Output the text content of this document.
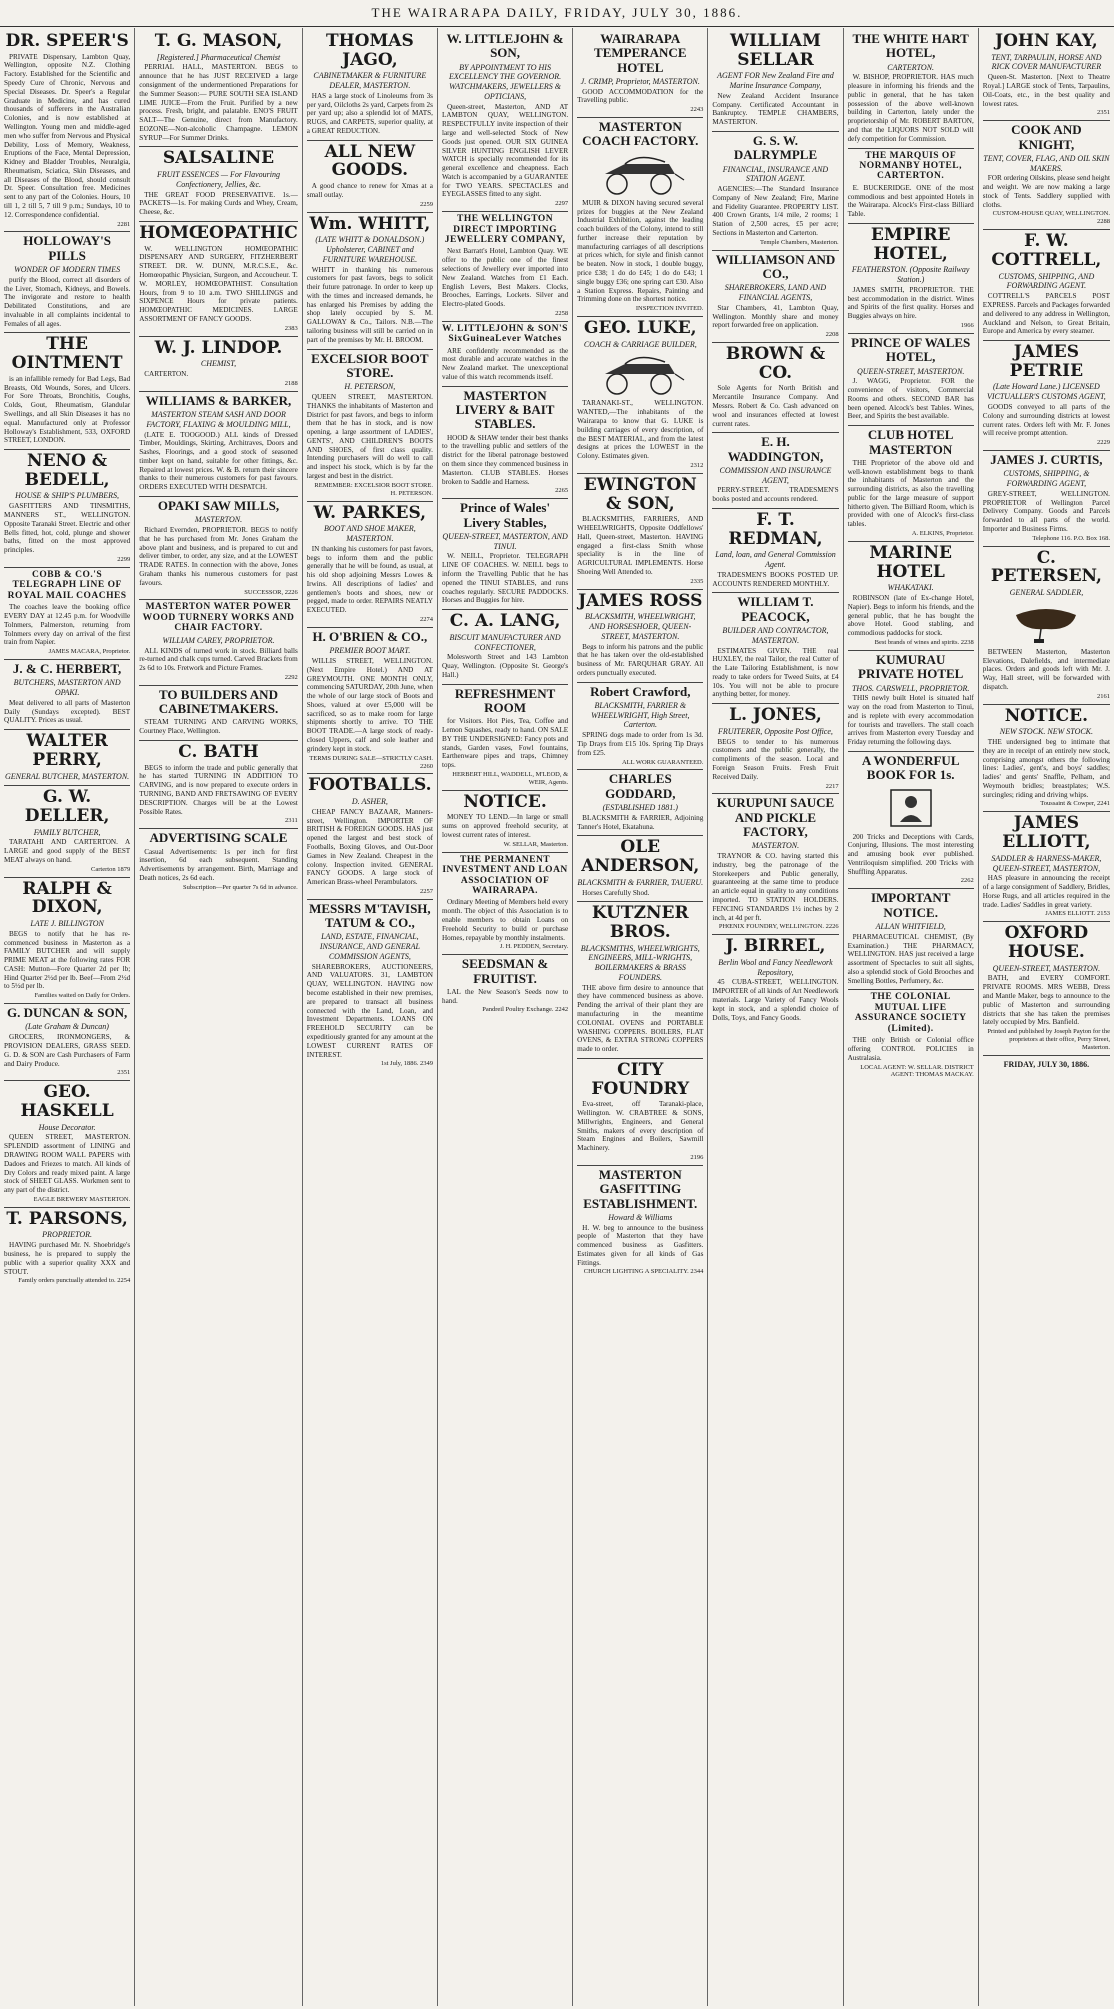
THE WAIRARAPA DAILY, FRIDAY, JULY 30, 1886.
DR. SPEER'S
PRIVATE Dispensary, Lambton Quay, Wellington, opposite N.Z. Clothing Factory. Established for the Scientific and Speedy Cure of Chronic, Nervous and Special Diseases. Dr. Speer's a Regular Graduate in Medicine, and has cured thousands of sufferers in the Australian Colonies, and is now established at Wellington. Young men and middle-aged men who suffer from Nervous and Physical Debility, Loss of Memory, Weakness, Eruptions of the Face, Mental Depression, Kidney and Bladder Troubles, Neuralgia, Rheumatism, Sciatica, Skin Diseases, and all Diseases of the Blood, should consult Dr. Speer. Consultation free. Medicines sent to any part of the Colonies. Hours, 10 till 1, 2 till 5, 7 till 9 p.m.; Sundays, 10 to 12. Correspondence confidential.
2281
HOLLOWAY'S PILLS
WONDER OF MODERN TIMES
purify the Blood, correct all disorders of the Liver, Stomach, Kidneys, and Bowels. The invigorate and restore to health Debilitated Constitutions, and are invaluable in all complaints incidental to Females of all ages.
THE OINTMENT
is an infallible remedy for Bad Legs, Bad Breasts, Old Wounds, Sores, and Ulcers. For Sore Throats, Bronchitis, Coughs, Colds, Gout, Rheumatism, Glandular Swellings, and all Skin Diseases it has no equal. Manufactured only at Professor Holloway's Establishment, 533, OXFORD STREET, LONDON.
NENO & BEDELL,
HOUSE & SHIP'S PLUMBERS,
GASFITTERS AND TINSMITHS, MANNERS ST., WELLINGTON. Opposite Taranaki Street. Electric and other Bells fitted, hot, cold, plunge and shower baths, fitted on the most approved principles.
2299
COBB & CO.'S TELEGRAPH LINE OF ROYAL MAIL COACHES
The coaches leave the booking office EVERY DAY at 12.45 p.m. for Woodville Tolnmers, Palmerston, returning from Tolnmers every day on arrival of the first train from Napier.
JAMES MACARA, Proprietor.
J. & C. HERBERT,
BUTCHERS, MASTERTON AND OPAKI.
Meat delivered to all parts of Masterton Daily (Sundays excepted). BEST QUALITY. Prices as usual.
WALTER PERRY,
GENERAL BUTCHER, MASTERTON.
G. W. DELLER,
FAMILY BUTCHER,
TARATAHI AND CARTERTON. A LARGE and good supply of the BEST MEAT always on hand.
Carterton 1879
RALPH & DIXON,
LATE J. BILLINGTON
BEGS to notify that he has re-commenced business in Masterton as a FAMILY BUTCHER and will supply PRIME MEAT at the following rates FOR CASH: Mutton—Fore Quarter 2d per lb; Hind Quarter 2½d per lb. Beef—From 2½d to 5½d per lb.
Families waited on Daily for Orders.
G. DUNCAN & SON,
(Late Graham & Duncan)
GROCERS, IRONMONGERS, & PROVISION DEALERS, GRASS SEED. G. D. & SON are Cash Purchasers of Farm and Dairy Produce.
2351
GEO. HASKELL
House Decorator.
QUEEN STREET, MASTERTON. SPLENDID assortment of LINING and DRAWING ROOM WALL PAPERS with Dadoes and Friezes to match. All kinds of Dry Colors and ready mixed paint. A large stock of SHEET GLASS. Workmen sent to any part of the district.
EAGLE BREWERY MASTERTON.
T. PARSONS,
PROPRIETOR.
HAVING purchased Mr. N. Shoebridge's business, he is prepared to supply the public with a superior quality XXX and STOUT.
Family orders punctually attended to. 2254
T. G. MASON,
[Registered.] Pharmaceutical Chemist
PERRIAL HALL, MASTERTON. BEGS to announce that he has JUST RECEIVED a large consignment of the undermentioned Preparations for the Summer Season:— PURE SOUTH SEA ISLAND LIME JUICE—From the Fruit. Purified by a new process. Fresh, bright, and palatable. ENO'S FRUIT SALT—The Genuine, direct from Manufactory. EOZONE—Non-alcoholic Champagne. LEMON SYRUP—For Summer Drinks.
SALSALINE
FRUIT ESSENCES — For Flavouring Confectionery, Jellies, &c.
THE GREAT FOOD PRESERVATIVE. 1s.—PACKETS—1s. For making Curds and Whey, Cream, Cheese, &c.
HOMŒOPATHIC
W. WELLINGTON HOMŒOPATHIC DISPENSARY AND SURGERY, FITZHERBERT STREET. DR. W. DUNN, M.R.C.S.E., &c. Homœopathic Physician, Surgeon, and Accoucheur. T. W. MORLEY, HOMŒOPATHIST. Consultation Hours, from 9 to 10 a.m. TWO SHILLINGS and SIXPENCE Hours for private patients. HOMŒOPATHIC MEDICINES. LARGE ASSORTMENT OF FANCY GOODS.
2383
W. J. LINDOP.
CHEMIST,
CARTERTON.
2188
WILLIAMS & BARKER,
MASTERTON STEAM SASH AND DOOR FACTORY, FLAXING & MOULDING MILL,
(LATE E. TOOGOOD.) ALL kinds of Dressed Timber, Mouldings, Skirting, Architraves, Doors and Sashes, Floorings, and a good stock of seasoned timber kept on hand, suitable for other fittings, &c. Repaired at lowest prices. W. & B. return their sincere thanks to their numerous customers for past favours. ORDERS EXECUTED WITH DESPATCH.
OPAKI SAW MILLS,
MASTERTON.
Richard Evernden, PROPRIETOR. BEGS to notify that he has purchased from Mr. Jones Graham the above plant and business, and is prepared to cut and deliver timber, to order, any size, and at the LOWEST TRADE RATES. In connection with the above, Jones Graham thanks his numerous customers for past favours.
SUCCESSOR, 2226
MASTERTON WATER POWER WOOD TURNERY WORKS AND CHAIR FACTORY.
WILLIAM CAREY, PROPRIETOR.
ALL KINDS of turned work in stock. Billiard balls re-turned and chalk cups turned. Carved Brackets from 2s 6d to 10s. Fretwork and Picture Frames.
2292
TO BUILDERS AND CABINETMAKERS.
STEAM TURNING AND CARVING WORKS, Courtney Place, Wellington.
C. BATH
BEGS to inform the trade and public generally that he has started TURNING IN ADDITION TO CARVING, and is now prepared to execute orders in TURNING, BAND AND FRETSAWING OF EVERY DESCRIPTION. Charges will be at the Lowest Possible Rates.
2311
ADVERTISING SCALE
Casual Advertisements: 1s per inch for first insertion, 6d each subsequent. Standing Advertisements by arrangement. Birth, Marriage and Death notices, 2s 6d each.
Subscription—Per quarter 7s 6d in advance.
THOMAS JAGO,
CABINETMAKER & FURNITURE DEALER, MASTERTON.
HAS a large stock of Linoleums from 3s per yard, Oilcloths 2s yard, Carpets from 2s per yard up; also a splendid lot of MATS, RUGS, and CARPETS, superior quality, at a GREAT REDUCTION.
ALL NEW GOODS.
A good chance to renew for Xmas at a small outlay.
2259
Wm. WHITT,
(LATE WHITT & DONALDSON.) Upholsterer, CABINET and FURNITURE WAREHOUSE.
WHITT in thanking his numerous customers for past favors, begs to solicit their future patronage. In order to keep up with the times and increased demands, he has enlarged his Premises by adding the shop lately occupied by S. M. GALLOWAY & Co., Tailors. N.B.—The tailoring business will still be carried on in part of the premises by Mr. H. BROOM.
EXCELSIOR BOOT STORE.
H. PETERSON,
QUEEN STREET, MASTERTON. THANKS the inhabitants of Masterton and District for past favors, and begs to inform them that he has in stock, and is now opening, a large assortment of LADIES', GENTS', AND CHILDREN'S BOOTS AND SHOES, of first class quality. Intending purchasers will do well to call and inspect his stock, which is by far the largest and best in the district.
REMEMBER: EXCELSIOR BOOT STORE. H. PETERSON.
W. PARKES,
BOOT AND SHOE MAKER, MASTERTON.
IN thanking his customers for past favors, begs to inform them and the public generally that he will be found, as usual, at his old shop adjoining Messrs Lowes & Irwins. All descriptions of ladies' and gentlemen's boots and shoes, new or pegged, made to order. REPAIRS NEATLY EXECUTED.
2274
H. O'BRIEN & CO.,
PREMIER BOOT MART.
WILLIS STREET, WELLINGTON. (Next Empire Hotel.) AND AT GREYMOUTH. ONE MONTH ONLY, commencing SATURDAY, 20th June, when the whole of our large stock of Boots and Shoes, valued at over £5,000 will be sacrificed, so as to make room for large shipments shortly to arrive. TO THE BOOT TRADE.—A large stock of ready-closed Uppers, calf and sole leather and grindery kept in stock.
TERMS DURING SALE—STRICTLY CASH. 2260
FOOTBALLS.
D. ASHER,
CHEAP FANCY BAZAAR, Manners-street, Wellington. IMPORTER OF BRITISH & FOREIGN GOODS. HAS just opened the largest and best stock of Footballs, Boxing Gloves, and Out-Door Games in New Zealand. Cheapest in the colony. Inspection invited. GENERAL FANCY GOODS. A large stock of American Brass-wheel Perambulators.
2257
MESSRS M'TAVISH, TATUM & CO.,
LAND, ESTATE, FINANCIAL, INSURANCE, AND GENERAL COMMISSION AGENTS,
SHAREBROKERS, AUCTIONEERS, AND VALUATORS. 31, LAMBTON QUAY, WELLINGTON. HAVING now become established in their new premises, are prepared to transact all business connected with the Land, Loan, and Investment Departments. LOANS ON FREEHOLD SECURITY can be expeditiously granted for any amount at the LOWEST CURRENT RATES OF INTEREST.
1st July, 1886. 2349
W. LITTLEJOHN & SON,
BY APPOINTMENT TO HIS EXCELLENCY THE GOVERNOR. WATCHMAKERS, JEWELLERS & OPTICIANS,
Queen-street, Masterton, AND AT LAMBTON QUAY, WELLINGTON. RESPECTFULLY invite inspection of their large and well-selected Stock of New Goods just opened. OUR SIX GUINEA SILVER HUNTING ENGLISH LEVER WATCH is specially recommended for its general excellence and cheapness. Each Watch is accompanied by a GUARANTEE for TWO YEARS. SPECTACLES and EYEGLASSES fitted to any sight.
2297
THE WELLINGTON DIRECT IMPORTING JEWELLERY COMPANY,
Next Barratt's Hotel, Lambton Quay. WE offer to the public one of the finest selections of Jewellery ever imported into New Zealand. Watches from £1 Each. English Levers, Best Makers. Clocks, Brooches, Earrings, Lockets. Silver and Electro-plated Goods.
2258
W. LITTLEJOHN & SON'S SixGuineaLever Watches
ARE confidently recommended as the most durable and accurate watches in the New Zealand market. The unexceptional value of this watch recommends itself.
MASTERTON LIVERY & BAIT STABLES.
HOOD & SHAW tender their best thanks to the travelling public and settlers of the district for the liberal patronage bestowed on them since they commenced business in Masterton. CLUB STABLES. Horses broken to Saddle and Harness.
2265
Prince of Wales' Livery Stables,
QUEEN-STREET, MASTERTON, AND TINUI.
W. NEILL, Proprietor. TELEGRAPH LINE OF COACHES. W. NEILL begs to inform the Travelling Public that he has opened the TINUI STABLES, and runs coaches regularly. SECURE PADDOCKS. Horses and Buggies for hire.
C. A. LANG,
BISCUIT MANUFACTURER AND CONFECTIONER,
Molesworth Street and 143 Lambton Quay, Wellington. (Opposite St. George's Hall.)
REFRESHMENT ROOM
for Visitors. Hot Pies, Tea, Coffee and Lemon Squashes, ready to hand. ON SALE BY THE UNDERSIGNED: Fancy pots and stands, Garden vases, Fowl fountains, Earthenware pipes and traps, Chimney tops.
HERBERT HILL, WADDELL, M'LEOD, & WEIR, Agents.
NOTICE.
MONEY TO LEND.—In large or small sums on approved freehold security, at lowest current rates of interest.
W. SELLAR, Masterton.
THE PERMANENT INVESTMENT AND LOAN ASSOCIATION OF WAIRARAPA.
Ordinary Meeting of Members held every month. The object of this Association is to enable members to obtain Loans on Freehold Security to build or purchase Homes, repayable by monthly instalments.
J. H. PEDDEN, Secretary.
SEEDSMAN & FRUITIST.
LAL the New Season's Seeds now to hand.
Pandreil Poultry Exchange. 2242
WAIRARAPA TEMPERANCE HOTEL
J. CRIMP, Proprietor, MASTERTON.
GOOD ACCOMMODATION for the Travelling public.
2243
MASTERTON COACH FACTORY.
MUIR & DIXON having secured several prizes for buggies at the New Zealand Industrial Exhibition, against the leading coach builders of the Colony, intend to still further increase their reputation by manufacturing carriages of all descriptions at prices which, for style and finish cannot be beaten. Now in stock, 1 double buggy, price £38; 1 do do £45; 1 do do £43; 1 single buggy £36; one spring cart £30. Also a Station Express. Repairs, Painting and Trimming done on the shortest notice.
INSPECTION INVITED.
GEO. LUKE,
COACH & CARRIAGE BUILDER,
TARANAKI-ST., WELLINGTON. WANTED,—The inhabitants of the Wairarapa to know that G. LUKE is building carriages of every description, of the BEST MATERIAL, and from the latest designs at prices the LOWEST in the Colony. Estimates given.
2312
EWINGTON & SON,
BLACKSMITHS, FARRIERS, AND WHEELWRIGHTS, Opposite Oddfellows' Hall, Queen-street, Masterton. HAVING engaged a first-class Smith whose speciality is in the line of AGRICULTURAL IMPLEMENTS. Horse Shoeing Well Attended to.
2335
JAMES ROSS
BLACKSMITH, WHEELWRIGHT, AND HORSESHOER, QUEEN-STREET, MASTERTON.
Begs to inform his patrons and the public that he has taken over the old-established business of Mr. FARQUHAR GRAY. All orders punctually executed.
Robert Crawford,
BLACKSMITH, FARRIER & WHEELWRIGHT, High Street, Carterton.
SPRING dogs made to order from 1s 3d. Tip Drays from £15 10s. Spring Tip Drays from £25.
ALL WORK GUARANTEED.
CHARLES GODDARD,
(ESTABLISHED 1881.)
BLACKSMITH & FARRIER, Adjoining Tanner's Hotel, Ekatahuna.
OLE ANDERSON,
BLACKSMITH & FARRIER, TAUERU.
Horses Carefully Shod.
KUTZNER BROS.
BLACKSMITHS, WHEELWRIGHTS, ENGINEERS, MILL-WRIGHTS, BOILERMAKERS & BRASS FOUNDERS.
THE above firm desire to announce that they have commenced business as above. Pending the arrival of their plant they are manufacturing in the meantime COLONIAL OVENS and PORTABLE WASHING COPPERS. BOILERS, FLAT OVENS, & EXTRA STRONG COPPERS made to order.
CITY FOUNDRY
Eva-street, off Taranaki-place, Wellington. W. CRABTREE & SONS, Millwrights, Engineers, and General Smiths, makers of every description of Steam Engines and Boilers, Sawmill Machinery.
2196
MASTERTON GASFITTING ESTABLISHMENT.
Howard & Williams
H. W. beg to announce to the business people of Masterton that they have commenced business as Gasfitters. Estimates given for all kinds of Gas Fittings.
CHURCH LIGHTING A SPECIALITY. 2344
WILLIAM SELLAR
AGENT FOR New Zealand Fire and Marine Insurance Company,
New Zealand Accident Insurance Company. Certificated Accountant in Bankruptcy. TEMPLE CHAMBERS, MASTERTON.
G. S. W. DALRYMPLE
FINANCIAL, INSURANCE AND STATION AGENT.
AGENCIES:—The Standard Insurance Company of New Zealand; Fire, Marine and Fidelity Guarantee. PROPERTY LIST. 400 Crown Grants, 1/4 mile, 2 rooms; 1 Station of 2,500 acres, £5 per acre; Sections in Masterton and Carterton.
Temple Chambers, Masterton.
WILLIAMSON AND CO.,
SHAREBROKERS, LAND AND FINANCIAL AGENTS,
Star Chambers, 41, Lambton Quay, Wellington. Monthly share and money report forwarded free on application.
2208
BROWN & CO.
Sole Agents for North British and Mercantile Insurance Company. And Messrs. Robert & Co. Cash advanced on wool and insurances effected at lowest current rates.
E. H. WADDINGTON,
COMMISSION AND INSURANCE AGENT,
PERRY-STREET. TRADESMEN'S books posted and accounts rendered.
F. T. REDMAN,
Land, loan, and General Commission Agent.
TRADESMEN'S BOOKS POSTED UP. ACCOUNTS RENDERED MONTHLY.
WILLIAM T. PEACOCK,
BUILDER AND CONTRACTOR, MASTERTON.
ESTIMATES GIVEN. THE real HUXLEY, the real Tailor, the real Cutter of the Late Tailoring Establishment, is now ready to take orders for Tweed Suits, at £4 10s. You will not be able to procure anything better, for money.
L. JONES,
FRUITERER, Opposite Post Office,
BEGS to tender to his numerous customers and the public generally, the compliments of the season. Local and Foreign Season Fruits. Fresh Fruit Received Daily.
2217
KURUPUNI SAUCE AND PICKLE FACTORY,
MASTERTON.
TRAYNOR & CO. having started this industry, beg the patronage of the Storekeepers and Public generally, guaranteeing at the same time to produce an article equal in quality to any conditions imported. TO STATION HOLDERS. FENCING STANDARDS 1½ inches by 2 inch, at 4d per ft.
PHŒNIX FOUNDRY, WELLINGTON. 2226
J. BIRREL,
Berlin Wool and Fancy Needlework Repository,
45 CUBA-STREET, WELLINGTON. IMPORTER of all kinds of Art Needlework materials. Large Variety of Fancy Wools kept in stock, and a splendid choice of Dolls, Toys, and Fancy Goods.
THE WHITE HART HOTEL,
CARTERTON.
W. BISHOP, PROPRIETOR. HAS much pleasure in informing his friends and the public in general, that he has taken possession of the above well-known building in Carterton, lately under the proprietorship of Mr. ROBERT BARTON, and that the LIQUORS NOT SOLD will defy competition for Commission.
THE MARQUIS OF NORMANBY HOTEL, CARTERTON.
E. BUCKERIDGE. ONE of the most commodious and best appointed Hotels in the Wairarapa. Alcock's First-class Billiard Table.
EMPIRE HOTEL,
FEATHERSTON. (Opposite Railway Station.)
JAMES SMITH, PROPRIETOR. THE best accommodation in the district. Wines and Spirits of the first quality. Horses and Buggies always on hire.
1966
PRINCE OF WALES HOTEL,
QUEEN-STREET, MASTERTON.
J. WAGG, Proprietor. FOR the convenience of visitors, Commercial Rooms and others. SECOND BAR has been opened. Alcock's best Tables. Wines, Beer, and Spirits the best available.
CLUB HOTEL MASTERTON
THE Proprietor of the above old and well-known establishment begs to thank the inhabitants of Masterton and the surrounding districts, as also the travelling public for the large measure of support hitherto given. The Billiard Room, which is provided with one of Alcock's first-class tables.
A. ELKINS, Proprietor.
MARINE HOTEL
WHAKATAKI.
ROBINSON (late of Ex-change Hotel, Napier). Begs to inform his friends, and the general public, that he has bought the above Hotel. Good stabling, and commodious paddocks for stock.
Best brands of wines and spirits. 2238
KUMURAU PRIVATE HOTEL
THOS. CARSWELL, PROPRIETOR.
THIS newly built Hotel is situated half way on the road from Masterton to Tinui, and is replete with every accommodation for tourists and travellers. The stall coach arrives from Masterton every Tuesday and Friday returning the following days.
A WONDERFUL BOOK FOR 1s.
200 Tricks and Deceptions with Cards, Conjuring, Illusions. The most interesting and amusing book ever published. Ventriloquism simplified. 200 Tricks with Shuffling Apparatus.
2262
IMPORTANT NOTICE.
ALLAN WHITFIELD,
PHARMACEUTICAL CHEMIST, (By Examination.) THE PHARMACY, WELLINGTON. HAS just received a large assortment of Spectacles to suit all sights, also a splendid stock of Gold Brooches and Smelling Bottles, Perfumery, &c.
THE COLONIAL MUTUAL LIFE ASSURANCE SOCIETY (Limited).
THE only British or Colonial office offering CONTROL POLICIES in Australasia.
LOCAL AGENT: W. SELLAR. DISTRICT AGENT: THOMAS MACKAY.
JOHN KAY,
TENT, TARPAULIN, HORSE AND RICK COVER MANUFACTURER
Queen-St. Masterton. [Next to Theatre Royal.] LARGE stock of Tents, Tarpaulins, Oil-Coats, etc., in the best quality and lowest rates.
2351
COOK AND KNIGHT,
TENT, COVER, FLAG, AND OIL SKIN MAKERS.
FOR ordering Oilskins, please send height and weight. We are now making a large stock of Tents. Saddlery supplied with cloths.
CUSTOM-HOUSE QUAY, WELLINGTON. 2288
F. W. COTTRELL,
CUSTOMS, SHIPPING, AND FORWARDING AGENT.
COTTRELL'S PARCELS POST EXPRESS. Parcels and Packages forwarded and delivered to any address in Wellington, Auckland and Nelson, to Great Britain, Europe and America by every steamer.
JAMES PETRIE
(Late Howard Lane.) LICENSED VICTUALLER'S CUSTOMS AGENT,
GOODS conveyed to all parts of the Colony and surrounding districts at lowest current rates. Orders left with Mr. F. Jones will receive prompt attention.
2229
JAMES J. CURTIS,
CUSTOMS, SHIPPING, & FORWARDING AGENT,
GREY-STREET, WELLINGTON. PROPRIETOR of Wellington Parcel Delivery Company. Goods and Parcels forwarded to all parts of the world. Importer and Business Firms.
Telephone 116. P.O. Box 168.
C. PETERSEN,
GENERAL SADDLER,
BETWEEN Masterton, Masterton Elevations, Dalefields, and intermediate places. Orders and goods left with Mr. J. Way, Hall street, will be forwarded with dispatch.
2161
NOTICE.
NEW STOCK. NEW STOCK.
THE undersigned beg to intimate that they are in receipt of an entirely new stock, comprising amongst others the following lines: Ladies', gent's, and boys' saddles; ladies' and gents' Snaffle, Pelham, and Weymouth bridles; breastplates; W.S. surcingles; riding and driving whips.
Toussaint & Cowper, 2241
JAMES ELLIOTT,
SADDLER & HARNESS-MAKER, QUEEN-STREET, MASTERTON,
HAS pleasure in announcing the receipt of a large consignment of Saddlery, Bridles, Horse Rugs, and all articles required in the trade. Ladies' Saddles in great variety.
JAMES ELLIOTT. 2153
OXFORD HOUSE.
QUEEN-STREET, MASTERTON.
BATH, and EVERY COMFORT. PRIVATE ROOMS. MRS WEBB, Dress and Mantle Maker, begs to announce to the public of Masterton and surrounding districts that she has taken the premises lately occupied by Mrs. Banfield.
Printed and published by Joseph Payton for the proprietors at their office, Perry Street, Masterton.
FRIDAY, JULY 30, 1886.
